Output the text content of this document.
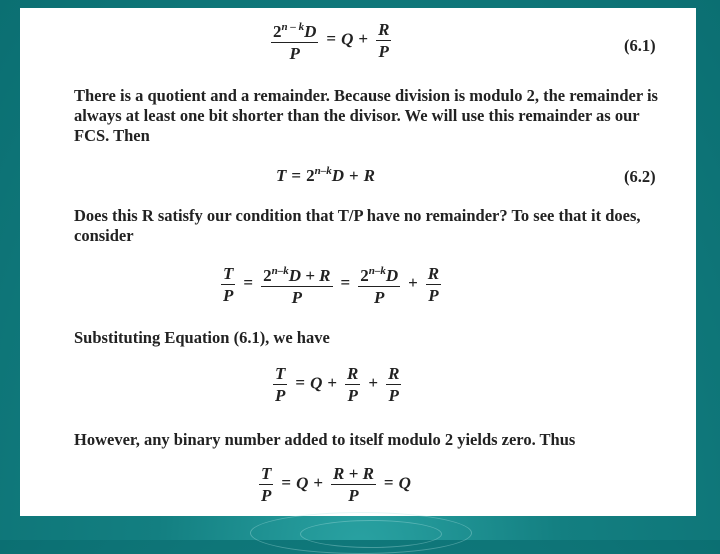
$\frac{2^{n - k}D}{P} = Q + \frac{R}{P}$	(6.1)
There is a quotient and a remainder. Because division is modulo 2, the remainder is always at least one bit shorter than the divisor. We will use this remainder as our FCS. Then
$T = 2^{n-k}D + R$	(6.2)
Does this R satisfy our condition that T/P have no remainder? To see that it does, consider
$\frac{T}{P} = \frac{2^{n-k}D + R}{P} = \frac{2^{n-k}D}{P} + \frac{R}{P}$
Substituting Equation (6.1), we have
$\frac{T}{P} = Q + \frac{R}{P} + \frac{R}{P}$
However, any binary number added to itself modulo 2 yields zero. Thus
$\frac{T}{P} = Q + \frac{R + R}{P} = Q$
